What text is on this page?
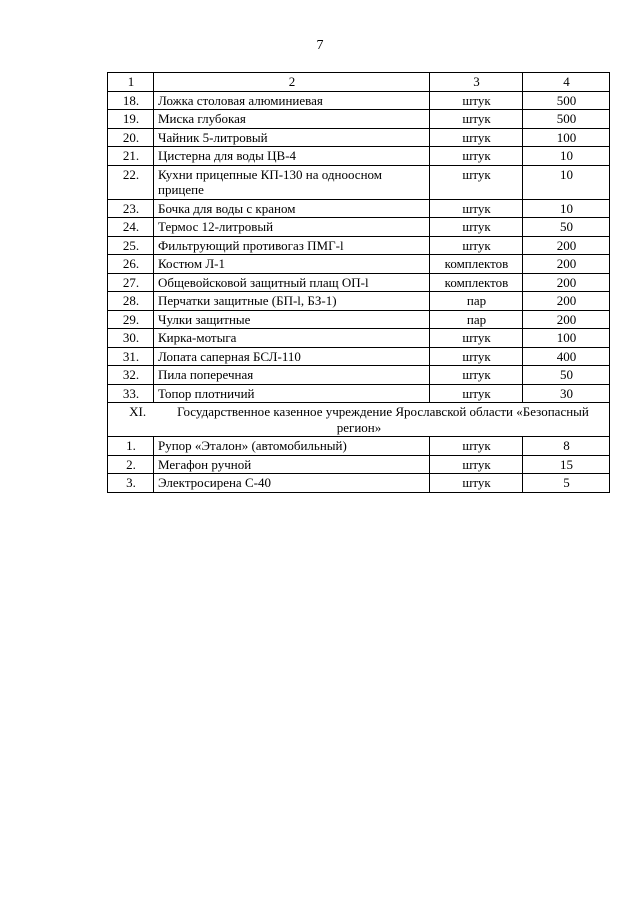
7
1	2	3	4
18.	Ложка столовая алюминиевая	штук	500
19.	Миска глубокая	штук	500
20.	Чайник 5-литровый	штук	100
21.	Цистерна для воды ЦВ-4	штук	10
22.	Кухни прицепные КП-130 на одноосном прицепе	штук	10
23.	Бочка для воды с краном	штук	10
24.	Термос 12-литровый	штук	50
25.	Фильтрующий противогаз ПМГ-l	штук	200
26.	Костюм Л-1	комплектов	200
27.	Общевойсковой защитный плащ ОП-l	комплектов	200
28.	Перчатки защитные (БП-l, БЗ-1)	пар	200
29.	Чулки защитные	пар	200
30.	Кирка-мотыга	штук	100
31.	Лопата саперная БСЛ-110	штук	400
32.	Пила поперечная	штук	50
33.	Топор плотничий	штук	30
XI. Государственное казенное учреждение Ярославской области «Безопасный регион»			
1.	Рупор «Эталон» (автомобильный)	штук	8
2.	Мегафон ручной	штук	15
3.	Электросирена С-40	штук	5
